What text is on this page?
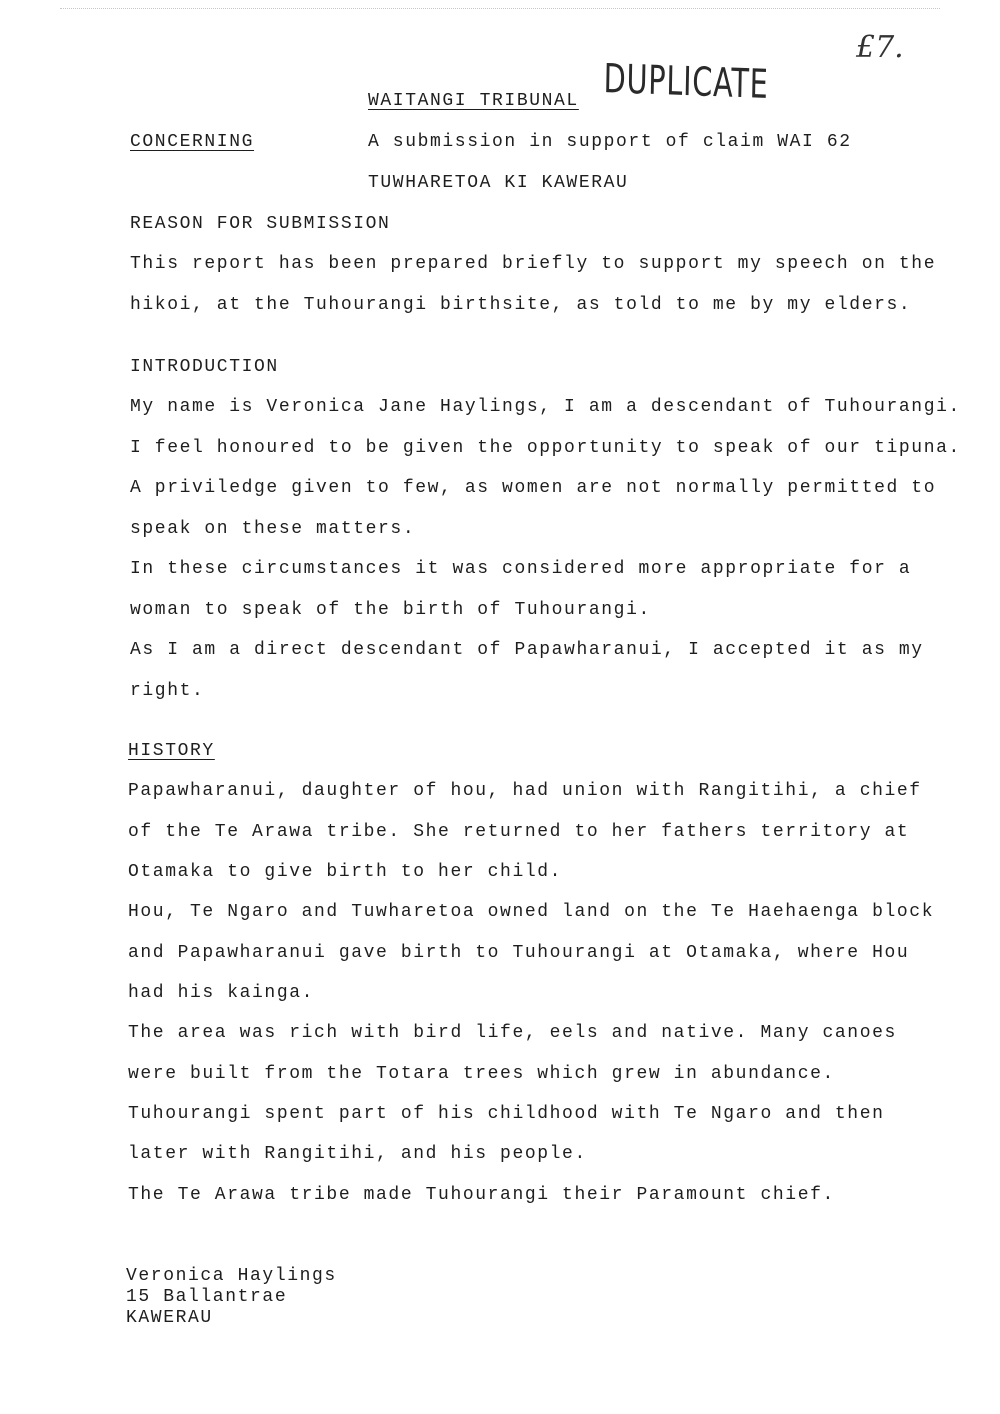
DUPLICATE
£7.
WAITANGI TRIBUNAL
CONCERNING	A submission in support of claim WAI 62
TUWHARETOA KI KAWERAU
REASON FOR SUBMISSION
This report has been prepared briefly to support my speech on the
hikoi, at the Tuhourangi birthsite, as told to me by my elders.
INTRODUCTION
My name is Veronica Jane Haylings, I am a descendant of Tuhourangi.
I feel honoured to be given the opportunity to speak of our tipuna.
A priviledge given to few, as women are not normally permitted to
speak on these matters.
In these circumstances it was considered more appropriate for a
woman to speak of the birth of Tuhourangi.
As I am a direct descendant of Papawharanui, I accepted it as my
right.
HISTORY
Papawharanui, daughter of hou, had union with Rangitihi, a chief
of the Te Arawa tribe. She returned to her fathers territory at
Otamaka to give birth to her child.
Hou, Te Ngaro and Tuwharetoa owned land on the Te Haehaenga block
and Papawharanui gave birth to Tuhourangi at Otamaka, where Hou
had his kainga.
The area was rich with bird life, eels and native. Many canoes
were built from the Totara trees which grew in abundance.
Tuhourangi spent part of his childhood with Te Ngaro and then
later with Rangitihi, and his people.
The Te Arawa tribe made Tuhourangi their Paramount chief.
Veronica Haylings
15 Ballantrae
KAWERAU
